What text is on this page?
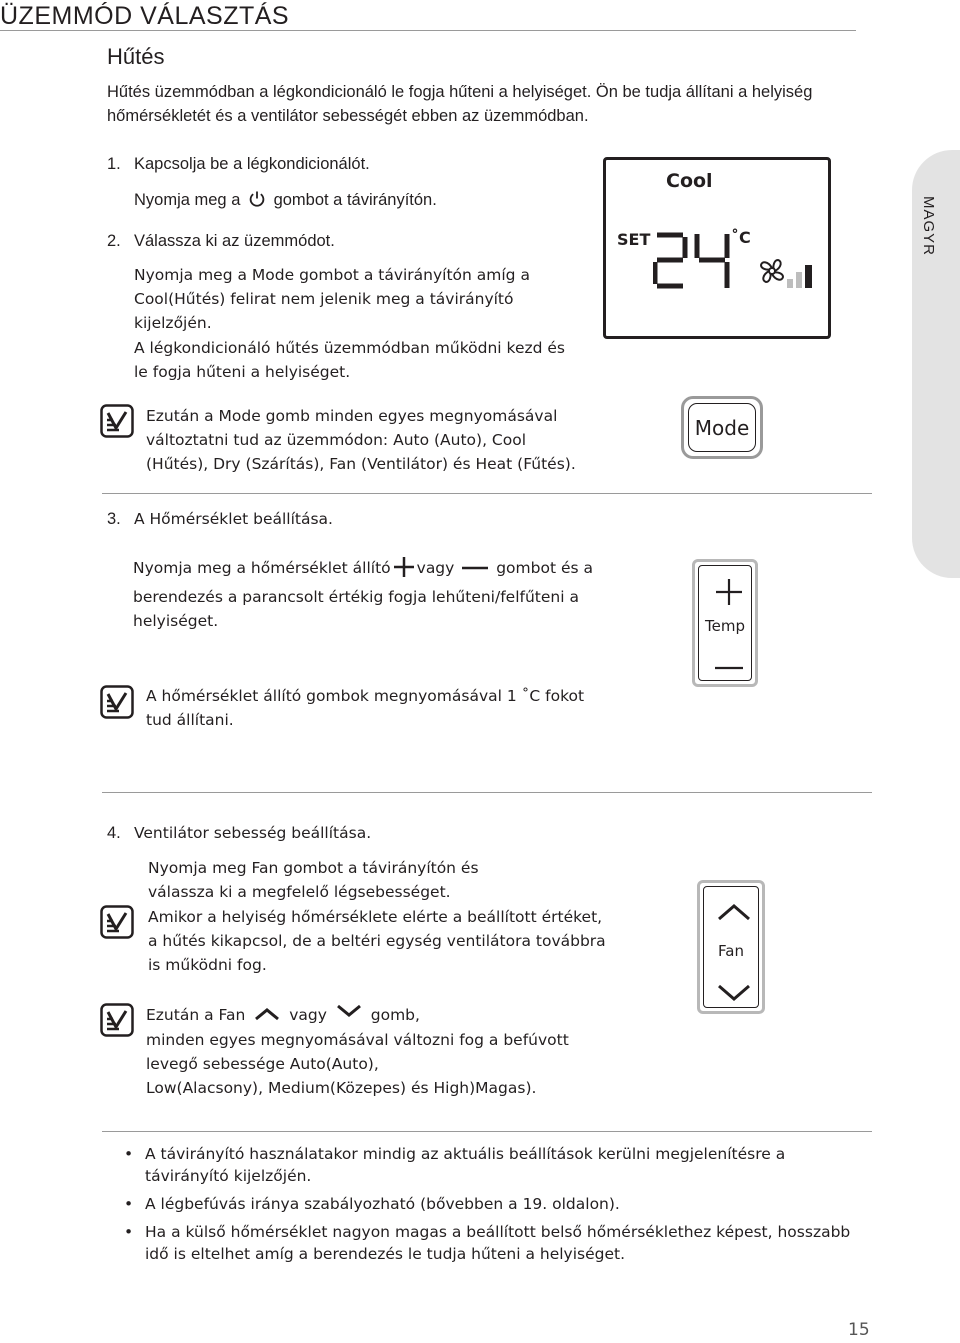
ÜZEMMÓD VÁLASZTÁS
Hűtés
Hűtés üzemmódban a légkondicionáló le fogja hűteni a helyiséget. Ön be tudja állítani a helyiség
hőmérsékletét és a ventilátor sebességét ebben az üzemmódban.
MAGYR
1. Kapcsolja be a légkondicionálót.
Nyomja meg a gombot a távirányítón.
2. Válassza ki az üzemmódot.
Nyomja meg a Mode gombot a távirányítón amíg a
Cool(Hűtés) felirat nem jelenik meg a távirányító
kijelzőjén.
A légkondicionáló hűtés üzemmódban működni kezd és
le fogja hűteni a helyiséget.
Cool
SET	˚C
Ezután a Mode gomb minden egyes megnyomásával
változtatni tud az üzemmódon: Auto (Auto), Cool
(Hűtés), Dry (Szárítás), Fan (Ventilátor) és Heat (Fűtés).
Mode
3. A Hőmérséklet beállítása.
Nyomja meg a hőmérséklet állító vagy	gombot és a
berendezés a parancsolt értékig fogja lehűteni/felfűteni a
helyiséget.	Temp
A hőmérséklet állító gombok megnyomásával 1 ˚C fokot
tud állítani.
4. Ventilátor sebesség beállítása.
Nyomja meg Fan gombot a távirányítón és
válassza ki a megfelelő légsebességet.
Amikor a helyiség hőmérséklete elérte a beállított értéket,
a hűtés kikapcsol, de a beltéri egység ventilátora továbbra
is működni fog.
Fan
Ezután a Fan	vagy	gomb,
minden egyes megnyomásával változni fog a befúvott
levegő sebessége Auto(Auto),
Low(Alacsony), Medium(Közepes) és High)Magas).
• A távirányító használatakor mindig az aktuális beállítások kerülni megjelenítésre a távirányító kijelzőjén.
• A légbefúvás iránya szabályozható (bővebben a 19. oldalon).
• Ha a külső hőmérséklet nagyon magas a beállított belső hőmérséklethez képest, hosszabb idő is eltelhet amíg a berendezés le tudja hűteni a helyiséget.
15
